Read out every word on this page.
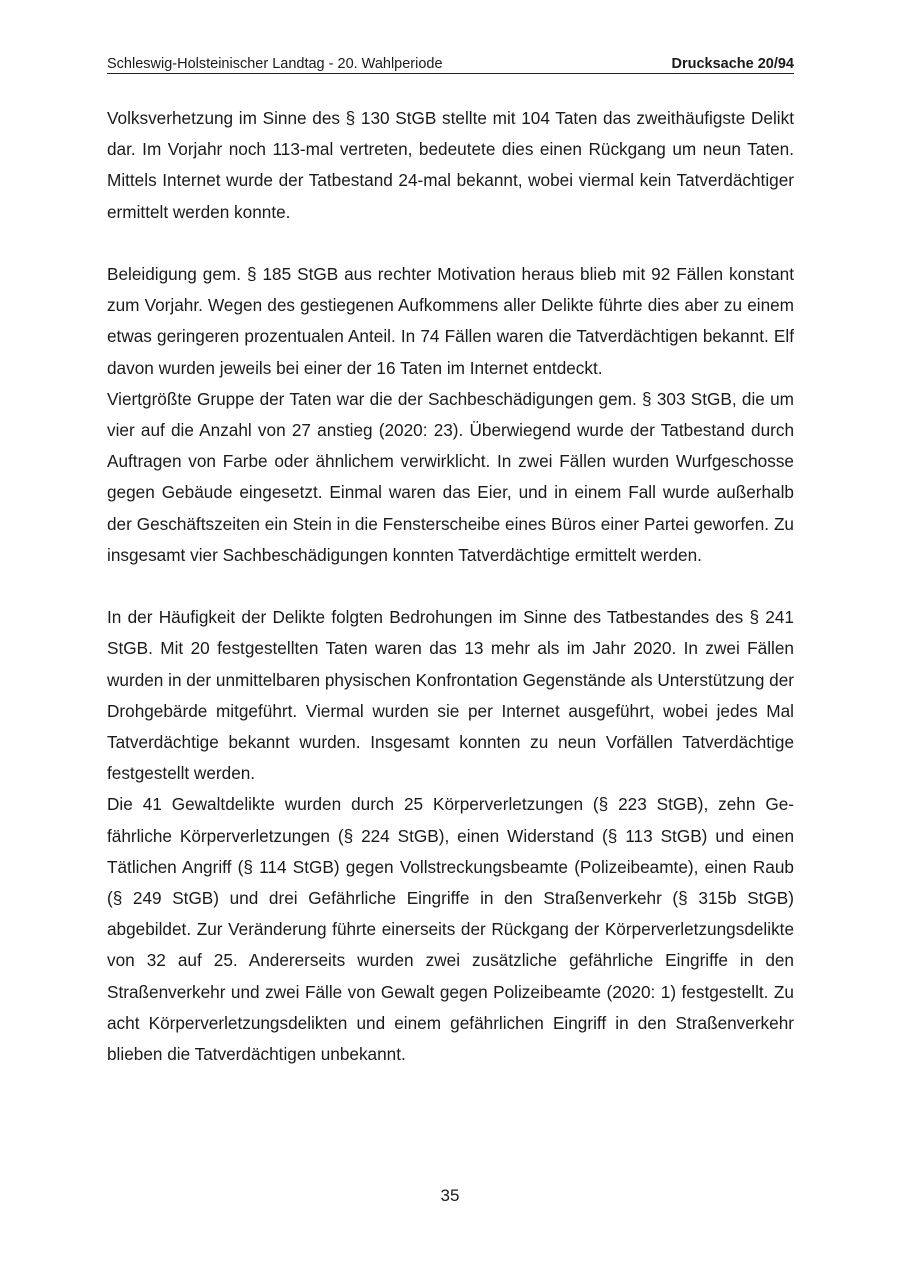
Schleswig-Holsteinischer Landtag - 20. Wahlperiode	Drucksache 20/94

Volksverhetzung im Sinne des § 130 StGB stellte mit 104 Taten das zweithäufigste Delikt dar. Im Vorjahr noch 113-mal vertreten, bedeutete dies einen Rückgang um neun Taten. Mittels Internet wurde der Tatbestand 24-mal bekannt, wobei viermal kein Tatverdächtiger ermittelt werden konnte.

Beleidigung gem. § 185 StGB aus rechter Motivation heraus blieb mit 92 Fällen konstant zum Vorjahr. Wegen des gestiegenen Aufkommens aller Delikte führte dies aber zu einem etwas geringeren prozentualen Anteil. In 74 Fällen waren die Tatverdächtigen bekannt. Elf davon wurden jeweils bei einer der 16 Taten im Internet entdeckt.

Viertgrößte Gruppe der Taten war die der Sachbeschädigungen gem. § 303 StGB, die um vier auf die Anzahl von 27 anstieg (2020: 23). Überwiegend wurde der Tatbestand durch Auftragen von Farbe oder ähnlichem verwirklicht. In zwei Fällen wurden Wurfgeschosse gegen Gebäude eingesetzt. Einmal waren das Eier, und in einem Fall wurde außerhalb der Geschäftszeiten ein Stein in die Fensterscheibe eines Büros einer Partei geworfen. Zu insgesamt vier Sachbeschädigungen konnten Tatverdächtige ermittelt werden.

In der Häufigkeit der Delikte folgten Bedrohungen im Sinne des Tatbestandes des § 241 StGB. Mit 20 festgestellten Taten waren das 13 mehr als im Jahr 2020. In zwei Fällen wurden in der unmittelbaren physischen Konfrontation Gegenstände als Unterstützung der Drohgebärde mitgeführt. Viermal wurden sie per Internet ausgeführt, wobei jedes Mal Tatverdächtige bekannt wurden. Insgesamt konnten zu neun Vorfällen Tatverdächtige festgestellt werden.

Die 41 Gewaltdelikte wurden durch 25 Körperverletzungen (§ 223 StGB), zehn Gefährliche Körperverletzungen (§ 224 StGB), einen Widerstand (§ 113 StGB) und einen Tätlichen Angriff (§ 114 StGB) gegen Vollstreckungsbeamte (Polizeibeamte), einen Raub (§ 249 StGB) und drei Gefährliche Eingriffe in den Straßenverkehr (§ 315b StGB) abgebildet. Zur Veränderung führte einerseits der Rückgang der Körperverletzungsdelikte von 32 auf 25. Andererseits wurden zwei zusätzliche gefährliche Eingriffe in den Straßenverkehr und zwei Fälle von Gewalt gegen Polizeibeamte (2020: 1) festgestellt. Zu acht Körperverletzungsdelikten und einem gefährlichen Eingriff in den Straßenverkehr blieben die Tatverdächtigen unbekannt.

35
